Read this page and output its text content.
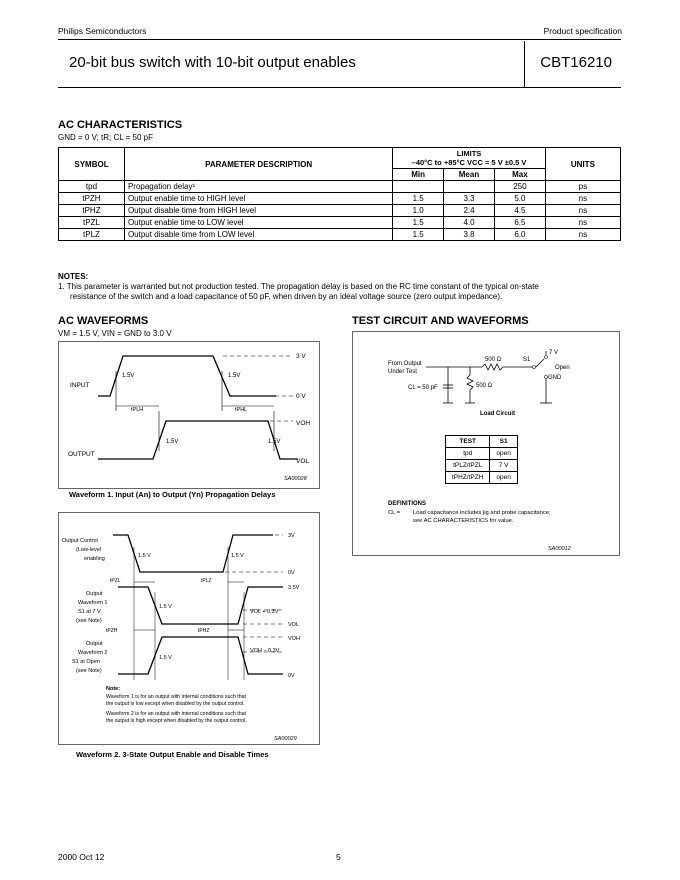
Philips Semiconductors	Product specification
20-bit bus switch with 10-bit output enables	CBT16210
AC CHARACTERISTICS
GND = 0 V; tR; CL = 50 pF
SYMBOL	PARAMETER DESCRIPTION	LIMITS
–40°C to +85°C VCC = 5 V ±0.5 V			UNITS
		Min	Mean	Max	
tpd	Propagation delay¹			250	ps
tPZH	Output enable time to HIGH level	1.5	3.3	5.0	ns
tPHZ	Output disable time from HIGH level	1.0	2.4	4.5	ns
tPZL	Output enable time to LOW level	1.5	4.0	6.5	ns
tPLZ	Output disable time from LOW level	1.5	3.8	6.0	ns
NOTES:
1. This parameter is warranted but not production tested. The propagation delay is based on the RC time constant of the typical on-state
resistance of the switch and a load capacitance of 50 pF, when driven by an ideal voltage source (zero output impedance).
AC WAVEFORMS
VM = 1.5 V, VIN = GND to 3.0 V
INPUT
OUTPUT
3 V
0 V
VOH
VOL
1.5V	1.5V
1.5V	1.5V
tPLH	tPHL
SA00028
Waveform 1. Input (An) to Output (Yn) Propagation Delays
Output Control
(Low-level
enabling
Output
Waveform 1
S1 at 7 V
(see Note)
Output
Waveform 2
S1 at Open
(see Note)
1.5 V	1.5 V
1.5 V
1.5 V
3V
0V
3.5V
VOL + 0.3V
VOL
VOH
VOH – 0.3V
0V
tPZL	tPLZ
tPZH	tPHZ
Note:
Waveform 1 is for an output with internal conditions such that
the output is low except when disabled by the output control.
Waveform 2 is for an output with internal conditions such that
the output is high except when disabled by the output control.
SA00029
Waveform 2. 3-State Output Enable and Disable Times
TEST CIRCUIT AND WAVEFORMS
From Output
Under Test
500 Ω
500 Ω
S1
7 V
Open
GND
CL = 50 pF
Load Circuit
DEFINITIONS
CL = Load capacitance includes jig and probe capacitance;
see AC CHARACTERISTICS for value.
SA00012
TEST	S1
tpd	open
tPLZ/tPZL	7 V
tPHZ/tPZH	open
2000 Oct 12	5
